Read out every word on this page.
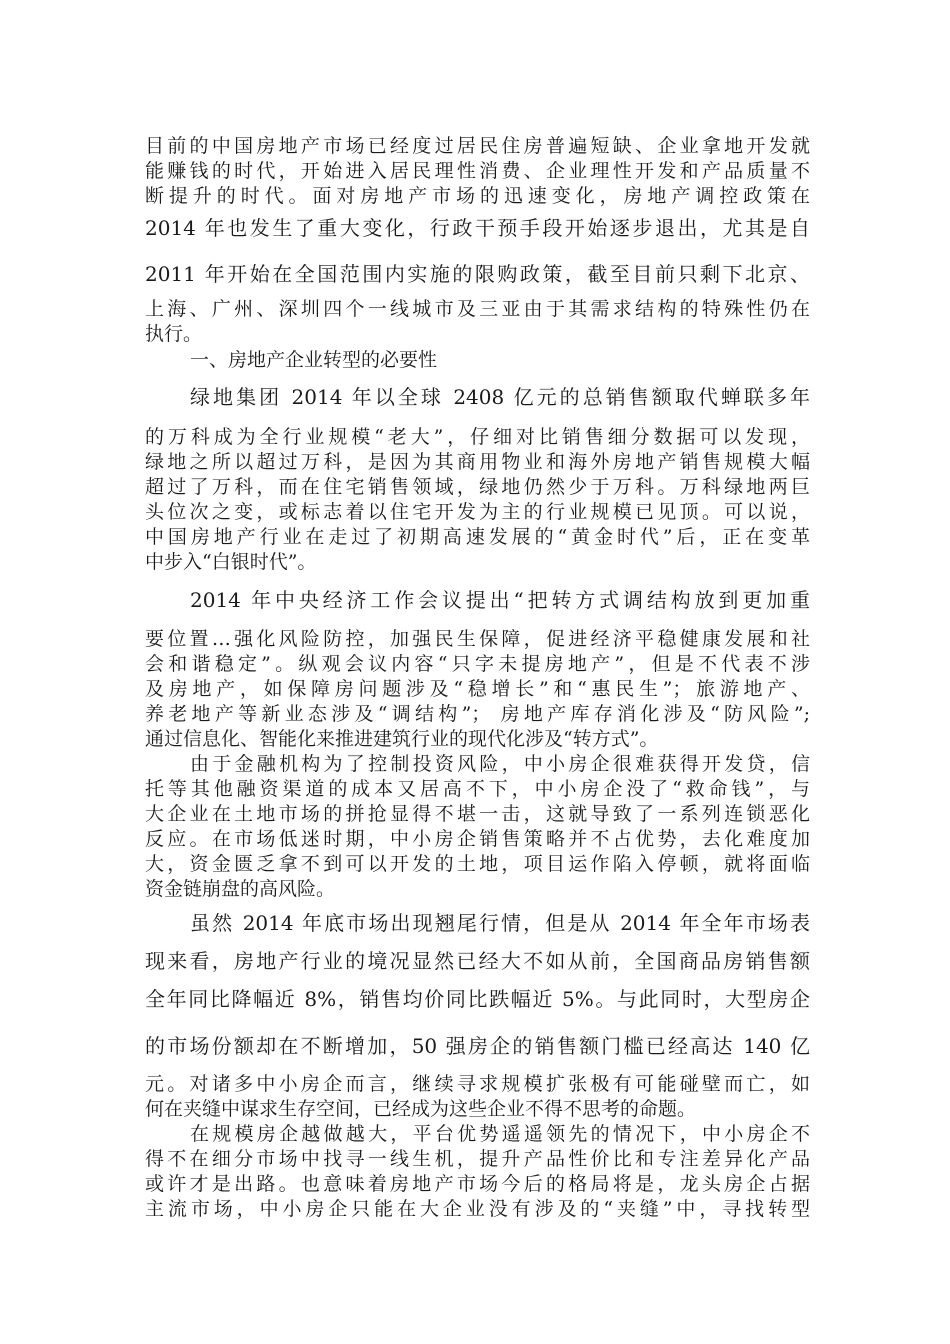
目前的中国房地产市场已经度过居民住房普遍短缺、企业拿地开发就

能赚钱的时代，开始进入居民理性消费、企业理性开发和产品质量不

断提升的时代。面对房地产市场的迅速变化，房地产调控政策在

2014 年也发生了重大变化，行政干预手段开始逐步退出，尤其是自

2011 年开始在全国范围内实施的限购政策，截至目前只剩下北京、

上海、广州、深圳四个一线城市及三亚由于其需求结构的特殊性仍在

执行。

一、房地产企业转型的必要性

绿地集团 2014 年以全球 2408 亿元的总销售额取代蝉联多年

的万科成为全行业规模“老大”，仔细对比销售细分数据可以发现，

绿地之所以超过万科，是因为其商用物业和海外房地产销售规模大幅

超过了万科，而在住宅销售领域，绿地仍然少于万科。万科绿地两巨

头位次之变，或标志着以住宅开发为主的行业规模已见顶。可以说，

中国房地产行业在走过了初期高速发展的“黄金时代”后，正在变革

中步入“白银时代”。

2014 年中央经济工作会议提出“把转方式调结构放到更加重

要位置…强化风险防控，加强民生保障，促进经济平稳健康发展和社

会和谐稳定”。纵观会议内容“只字未提房地产”，但是不代表不涉

及房地产，如保障房问题涉及“稳增长”和“惠民生”；旅游地产、

养老地产等新业态涉及“调结构”； 房地产库存消化涉及“防风险”;

通过信息化、智能化来推进建筑行业的现代化涉及“转方式”。

由于金融机构为了控制投资风险，中小房企很难获得开发贷，信

托等其他融资渠道的成本又居高不下，中小房企没了“救命钱”，与

大企业在土地市场的拼抢显得不堪一击，这就导致了一系列连锁恶化

反应。在市场低迷时期，中小房企销售策略并不占优势，去化难度加

大，资金匮乏拿不到可以开发的土地，项目运作陷入停顿，就将面临

资金链崩盘的高风险。

虽然 2014 年底市场出现翘尾行情，但是从 2014 年全年市场表

现来看，房地产行业的境况显然已经大不如从前，全国商品房销售额

全年同比降幅近 8%，销售均价同比跌幅近 5%。与此同时，大型房企

的市场份额却在不断增加，50 强房企的销售额门槛已经高达 140 亿

元。对诸多中小房企而言，继续寻求规模扩张极有可能碰壁而亡，如

何在夹缝中谋求生存空间，已经成为这些企业不得不思考的命题。

在规模房企越做越大，平台优势遥遥领先的情况下，中小房企不

得不在细分市场中找寻一线生机，提升产品性价比和专注差异化产品

或许才是出路。也意味着房地产市场今后的格局将是，龙头房企占据

主流市场，中小房企只能在大企业没有涉及的“夹缝”中，寻找转型
